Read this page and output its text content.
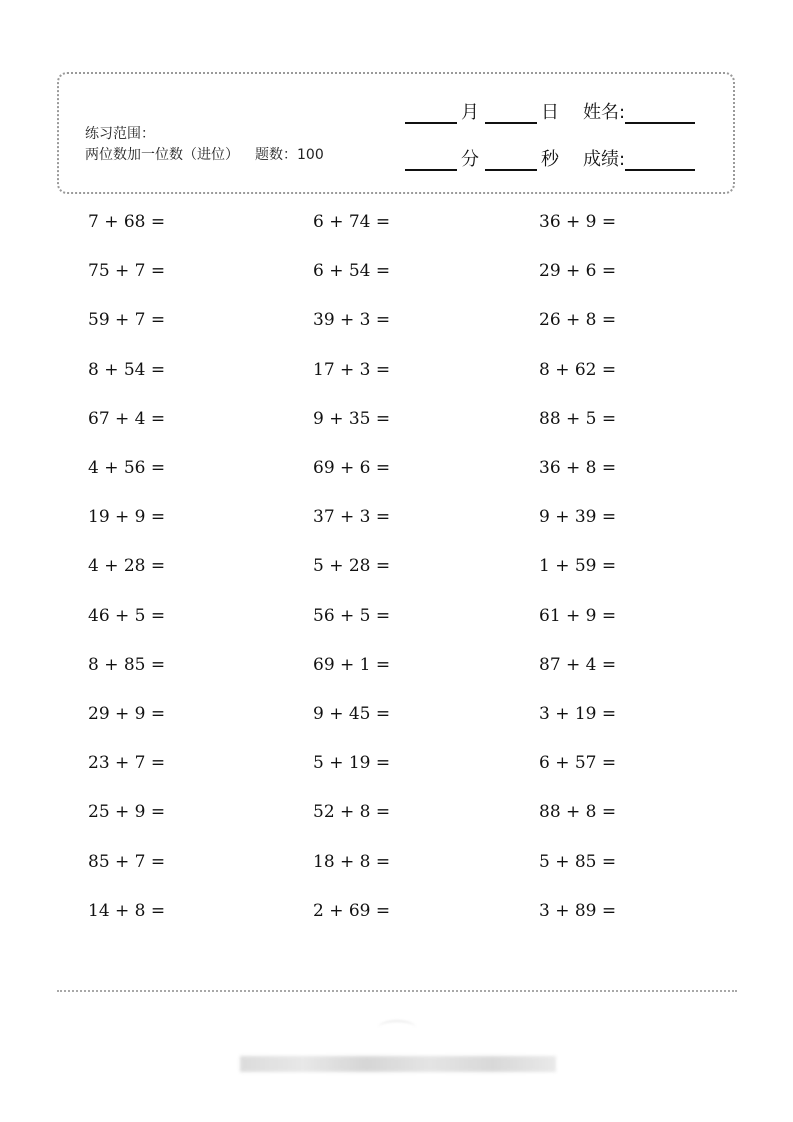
练习范围：
两位数加一位数（进位） 题数：100
月	日 姓名:
分	秒 成绩:
7 + 68 =	6 + 74 =	36 + 9 =
75 + 7 =	6 + 54 =	29 + 6 =
59 + 7 =	39 + 3 =	26 + 8 =
8 + 54 =	17 + 3 =	8 + 62 =
67 + 4 =	9 + 35 =	88 + 5 =
4 + 56 =	69 + 6 =	36 + 8 =
19 + 9 =	37 + 3 =	9 + 39 =
4 + 28 =	5 + 28 =	1 + 59 =
46 + 5 =	56 + 5 =	61 + 9 =
8 + 85 =	69 + 1 =	87 + 4 =
29 + 9 =	9 + 45 =	3 + 19 =
23 + 7 =	5 + 19 =	6 + 57 =
25 + 9 =	52 + 8 =	88 + 8 =
85 + 7 =	18 + 8 =	5 + 85 =
14 + 8 =	2 + 69 =	3 + 89 =
